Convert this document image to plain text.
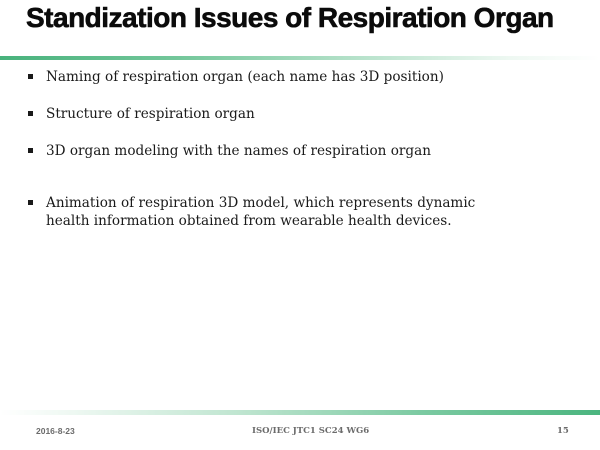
Standization Issues of Respiration Organ
Naming of respiration organ (each name has 3D position)
Structure of respiration organ
3D organ modeling with the names of respiration organ
Animation of respiration 3D model, which represents dynamic health information obtained from wearable health devices.
2016-8-23	ISO/IEC JTC1 SC24 WG6	15
